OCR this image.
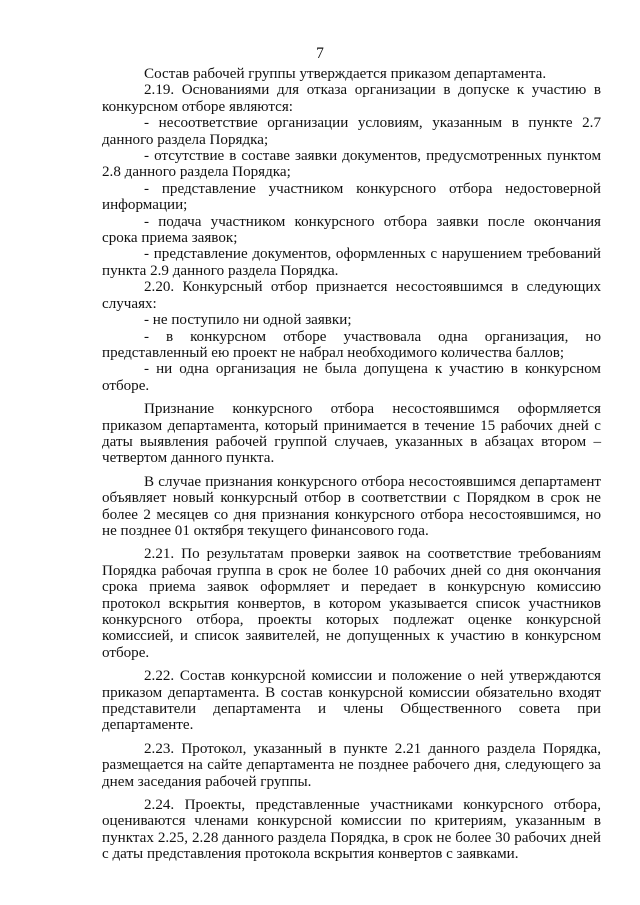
7

Состав рабочей группы утверждается приказом департамента.

2.19. Основаниями для отказа организации в допуске к участию в конкурсном отборе являются:

- несоответствие организации условиям, указанным в пункте 2.7 данного раздела Порядка;

- отсутствие в составе заявки документов, предусмотренных пунктом 2.8 данного раздела Порядка;

- представление участником конкурсного отбора недостоверной информации;

- подача участником конкурсного отбора заявки после окончания срока приема заявок;

- представление документов, оформленных с нарушением требований пункта 2.9 данного раздела Порядка.

2.20. Конкурсный отбор признается несостоявшимся в следующих случаях:

- не поступило ни одной заявки;

- в конкурсном отборе участвовала одна организация, но представленный ею проект не набрал необходимого количества баллов;

- ни одна организация не была допущена к участию в конкурсном отборе.

Признание конкурсного отбора несостоявшимся оформляется приказом департамента, который принимается в течение 15 рабочих дней с даты выявления рабочей группой случаев, указанных в абзацах втором – четвертом данного пункта.

В случае признания конкурсного отбора несостоявшимся департамент объявляет новый конкурсный отбор в соответствии с Порядком в срок не более 2 месяцев со дня признания конкурсного отбора несостоявшимся, но не позднее 01 октября текущего финансового года.

2.21. По результатам проверки заявок на соответствие требованиям Порядка рабочая группа в срок не более 10 рабочих дней со дня окончания срока приема заявок оформляет и передает в конкурсную комиссию протокол вскрытия конвертов, в котором указывается список участников конкурсного отбора, проекты которых подлежат оценке конкурсной комиссией, и список заявителей, не допущенных к участию в конкурсном отборе.

2.22. Состав конкурсной комиссии и положение о ней утверждаются приказом департамента. В состав конкурсной комиссии обязательно входят представители департамента и члены Общественного совета при департаменте.

2.23. Протокол, указанный в пункте 2.21 данного раздела Порядка, размещается на сайте департамента не позднее рабочего дня, следующего за днем заседания рабочей группы.

2.24. Проекты, представленные участниками конкурсного отбора, оцениваются членами конкурсной комиссии по критериям, указанным в пунктах 2.25, 2.28 данного раздела Порядка, в срок не более 30 рабочих дней с даты представления протокола вскрытия конвертов с заявками.
